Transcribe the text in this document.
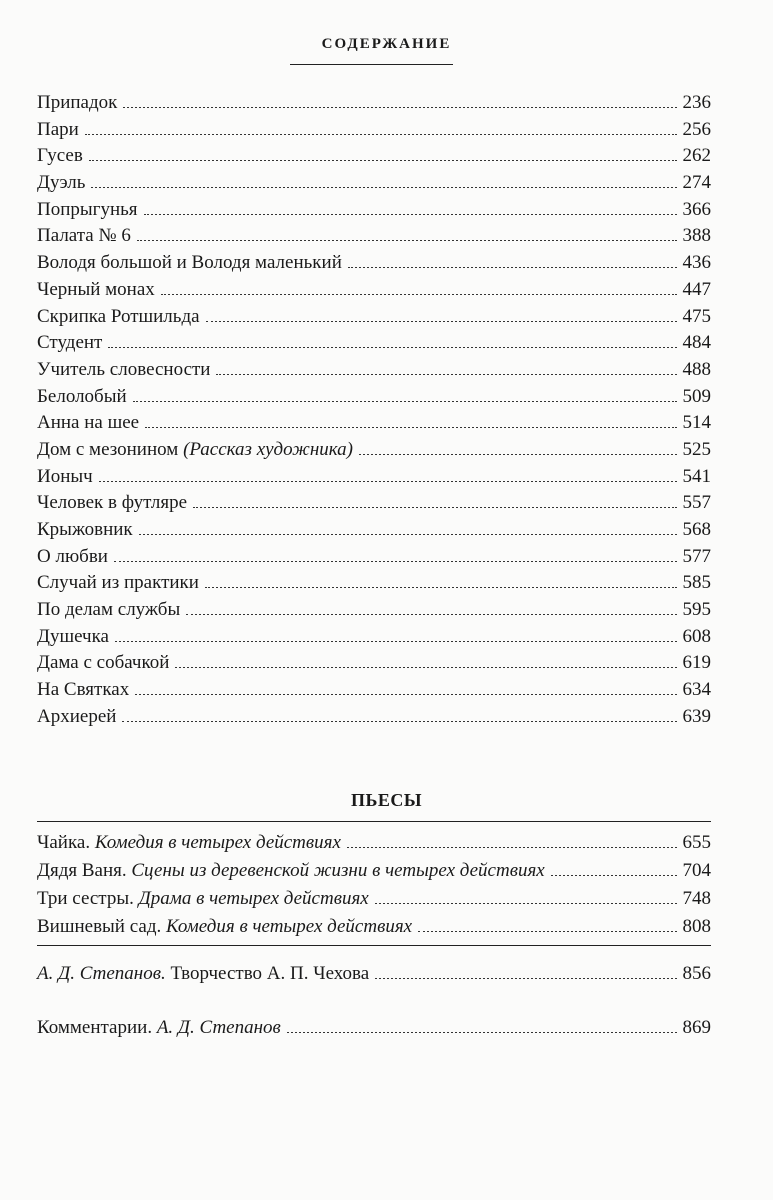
СОДЕРЖАНИЕ
Припадок	236
Пари	256
Гусев	262
Дуэль	274
Попрыгунья	366
Палата № 6	388
Володя большой и Володя маленький	436
Черный монах	447
Скрипка Ротшильда	475
Студент	484
Учитель словесности	488
Белолобый	509
Анна на шее	514
Дом с мезонином (Рассказ художника)	525
Ионыч	541
Человек в футляре	557
Крыжовник	568
О любви	577
Случай из практики	585
По делам службы	595
Душечка	608
Дама с собачкой	619
На Святках	634
Архиерей	639
ПЬЕСЫ
Чайка. Комедия в четырех действиях	655
Дядя Ваня. Сцены из деревенской жизни в четырех действиях	704
Три сестры. Драма в четырех действиях	748
Вишневый сад. Комедия в четырех действиях	808
А. Д. Степанов. Творчество А. П. Чехова	856
Комментарии. А. Д. Степанов	869
